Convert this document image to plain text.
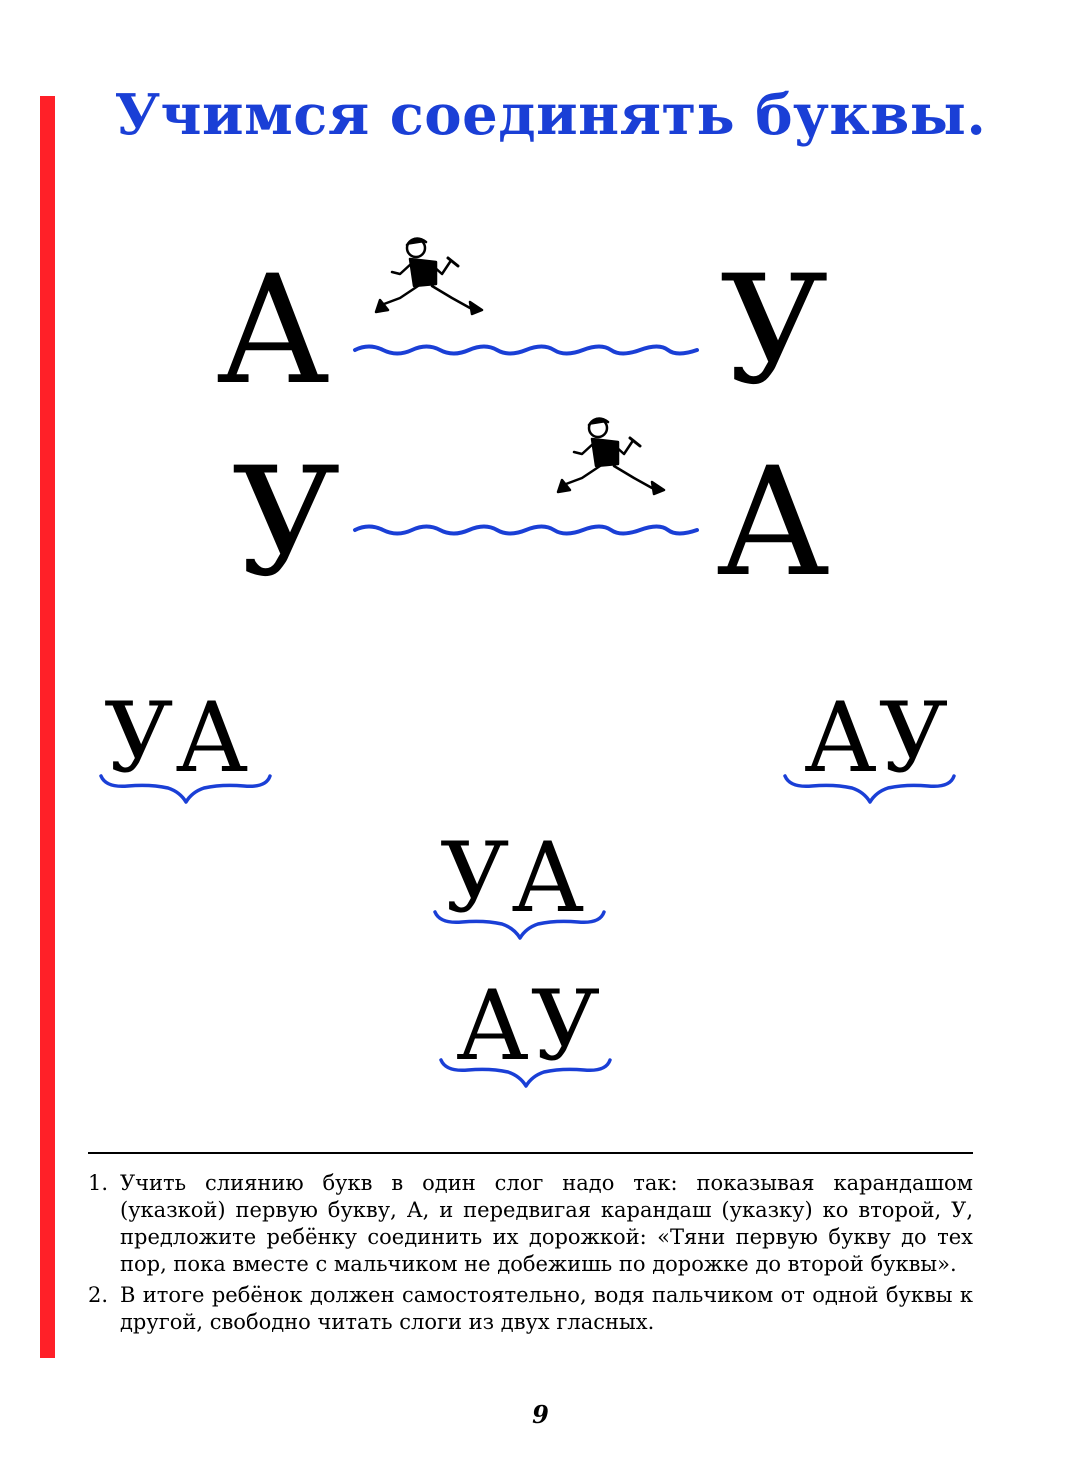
Учимся соединять буквы.
А	У
У	А
УА	АУ
УА
АУ
1. Учить слиянию букв в один слог надо так: показывая карандашом (указкой) первую букву, А, и передвигая карандаш (указку) ко второй, У, предложите ребёнку соединить их дорожкой: «Тяни первую букву до тех пор, пока вместе с мальчиком не добежишь по дорожке до второй буквы».
2. В итоге ребёнок должен самостоятельно, водя пальчиком от одной буквы к другой, свободно читать слоги из двух гласных.
9
